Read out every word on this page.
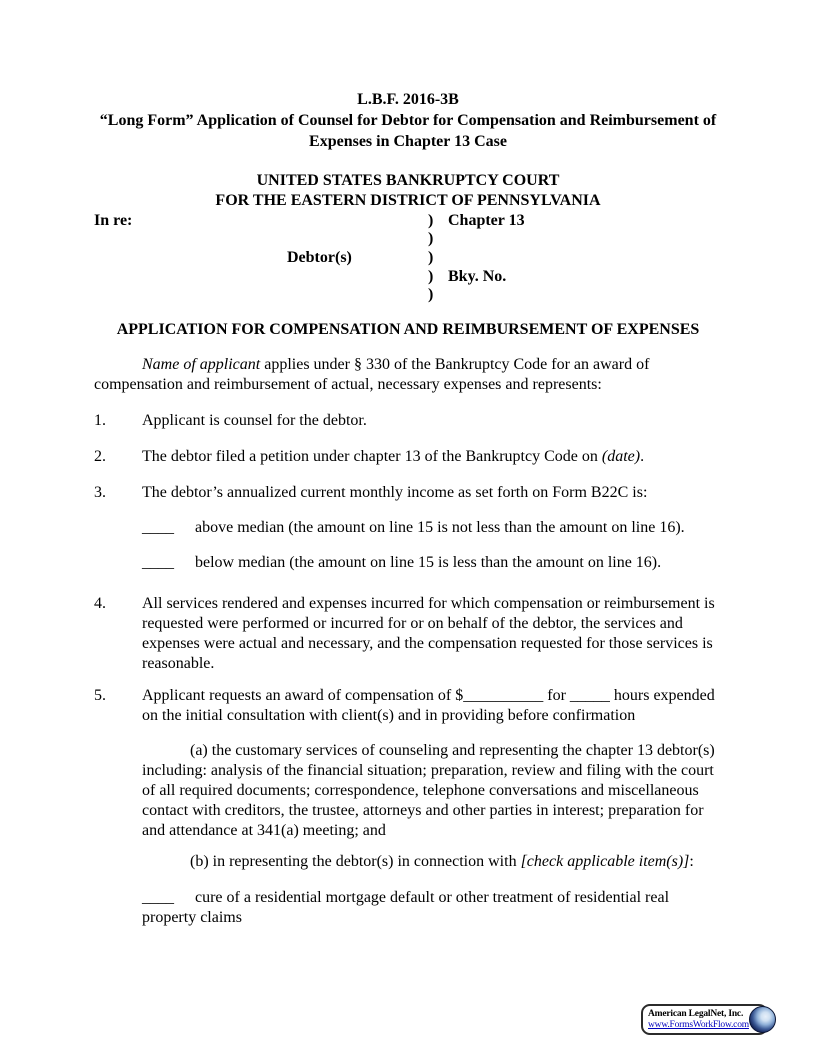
L.B.F. 2016-3B
“Long Form” Application of Counsel for Debtor for Compensation and Reimbursement of
Expenses in Chapter 13 Case
UNITED STATES BANKRUPTCY COURT
FOR THE EASTERN DISTRICT OF PENNSYLVANIA
In re:
Debtor(s)
)
)
)
)
)
Chapter 13
Bky. No.
APPLICATION FOR COMPENSATION AND REIMBURSEMENT OF EXPENSES

Name of applicant applies under § 330 of the Bankruptcy Code for an award of compensation and reimbursement of actual, necessary expenses and represents:

1. Applicant is counsel for the debtor.
2. The debtor filed a petition under chapter 13 of the Bankruptcy Code on (date).
3. The debtor’s annualized current monthly income as set forth on Form B22C is:
____ above median (the amount on line 15 is not less than the amount on line 16).
____ below median (the amount on line 15 is less than the amount on line 16).
4. All services rendered and expenses incurred for which compensation or reimbursement is requested were performed or incurred for or on behalf of the debtor, the services and expenses were actual and necessary, and the compensation requested for those services is reasonable.
5. Applicant requests an award of compensation of $__________ for _____ hours expended on the initial consultation with client(s) and in providing before confirmation

(a) the customary services of counseling and representing the chapter 13 debtor(s) including: analysis of the financial situation; preparation, review and filing with the court of all required documents; correspondence, telephone conversations and miscellaneous contact with creditors, the trustee, attorneys and other parties in interest; preparation for and attendance at 341(a) meeting; and

(b) in representing the debtor(s) in connection with [check applicable item(s)]:

____ cure of a residential mortgage default or other treatment of residential real property claims
American LegalNet, Inc.
www.FormsWorkFlow.com
